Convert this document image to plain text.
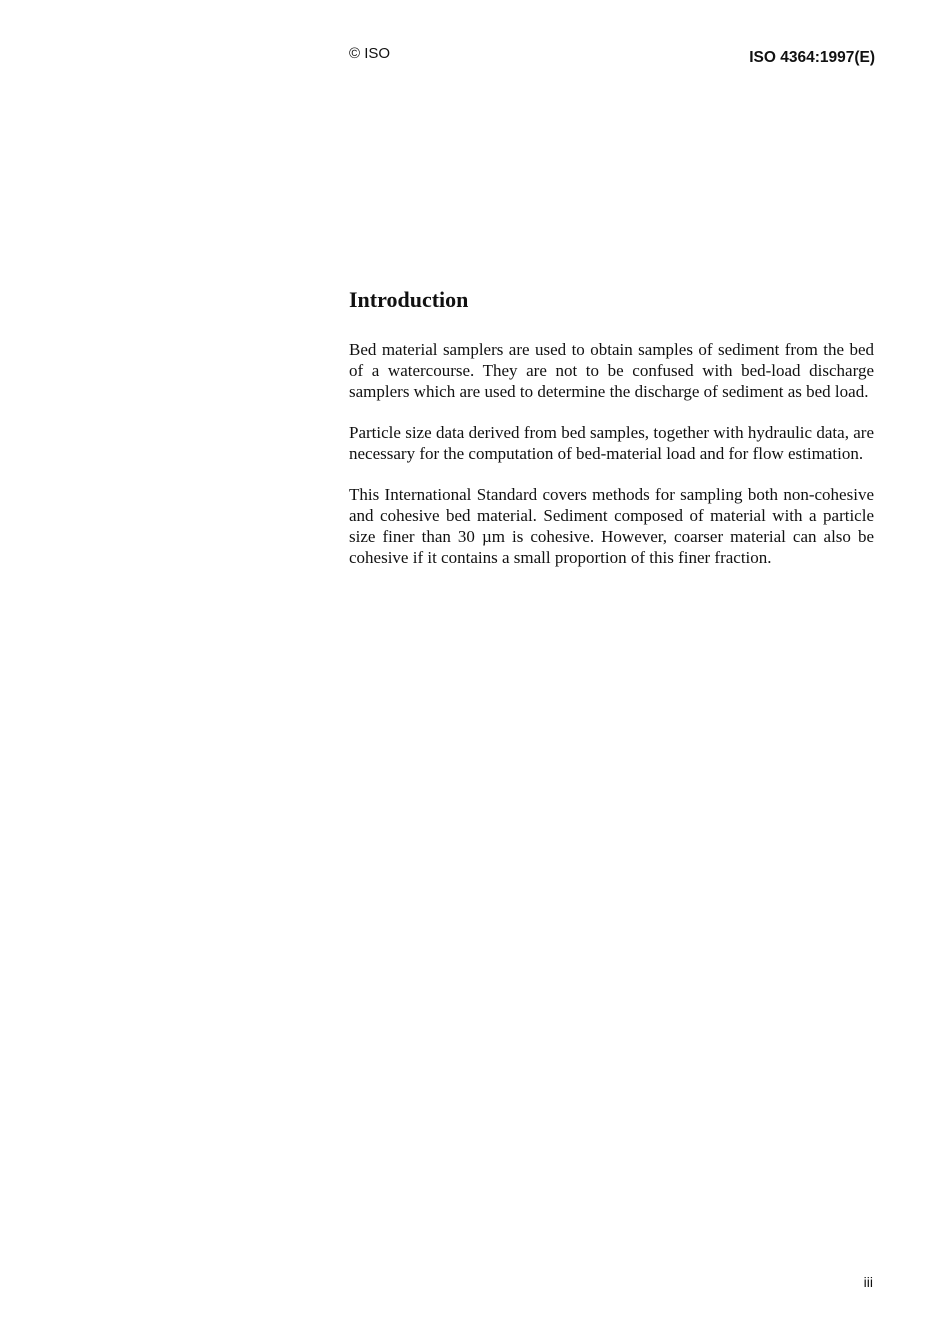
© ISO	ISO 4364:1997(E)
Introduction

Bed material samplers are used to obtain samples of sediment from the bed of a watercourse. They are not to be confused with bed-load discharge samplers which are used to determine the discharge of sediment as bed load.

Particle size data derived from bed samples, together with hydraulic data, are necessary for the computation of bed-material load and for flow estimation.

This International Standard covers methods for sampling both non-cohesive and cohesive bed material. Sediment composed of material with a particle size finer than 30 µm is cohesive. However, coarser material can also be cohesive if it contains a small proportion of this finer fraction.

iii
